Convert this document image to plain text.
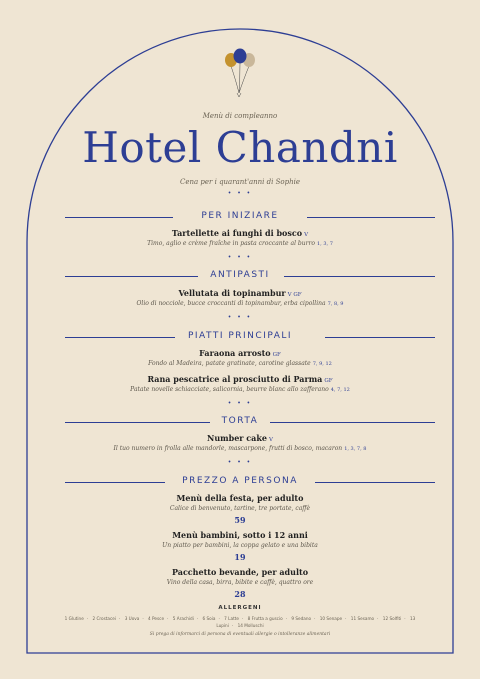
Menù di compleanno
Hotel Chandni
Cena per i quarant'anni di Sophie
• • •
PER INIZIARE
Tartellette ai funghi di bosco V
Timo, aglio e crème fraîche in pasta croccante al burro 1, 3, 7
• • •
ANTIPASTI
Vellutata di topinambur V GF
Olio di nocciole, bucce croccanti di topinambur, erba cipollina 7, 8, 9
• • •
PIATTI PRINCIPALI
Faraona arrosto GF
Fondo al Madeira, patate gratinate, carotine glassate 7, 9, 12
Rana pescatrice al prosciutto di Parma GF
Patate novelle schiacciate, salicornia, beurre blanc allo zafferano 4, 7, 12
• • •
TORTA
Number cake V
Il tuo numero in frolla alle mandorle, mascarpone, frutti di bosco, macaron 1, 3, 7, 8
• • •
PREZZO A PERSONA
Menù della festa, per adulto
Calice di benvenuto, tartine, tre portate, caffè
59
Menù bambini, sotto i 12 anni
Un piatto per bambini, la coppa gelato e una bibita
19
Pacchetto bevande, per adulto
Vino della casa, birra, bibite e caffè, quattro ore
28
ALLERGENI
1 Glutine · 2 Crostacei · 3 Uova · 4 Pesce · 5 Arachidi · 6 Soia · 7 Latte · 8 Frutta a guscio · 9 Sedano · 10 Senape · 11 Sesamo · 12 Solfiti · 13 Lupini · 14 Molluschi
Si prega di informarci di persona di eventuali allergie o intolleranze alimentari
